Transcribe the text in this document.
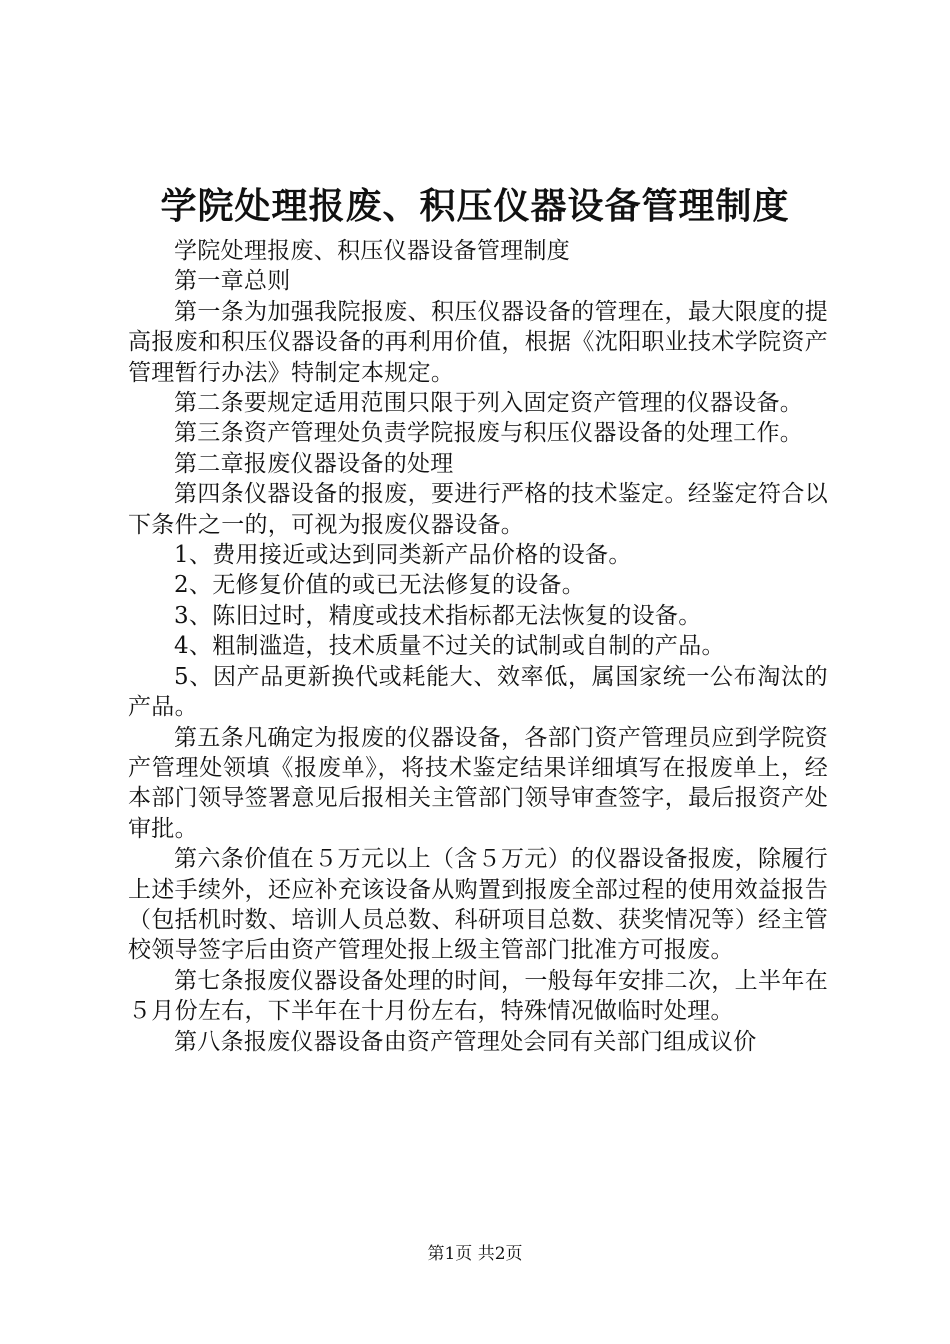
学院处理报废、积压仪器设备管理制度

学院处理报废、积压仪器设备管理制度

第一章总则

第一条为加强我院报废、积压仪器设备的管理在，最大限度的提高报废和积压仪器设备的再利用价值，根据《沈阳职业技术学院资产管理暂行办法》特制定本规定。

第二条要规定适用范围只限于列入固定资产管理的仪器设备。

第三条资产管理处负责学院报废与积压仪器设备的处理工作。

第二章报废仪器设备的处理

第四条仪器设备的报废，要进行严格的技术鉴定。经鉴定符合以下条件之一的，可视为报废仪器设备。

1、费用接近或达到同类新产品价格的设备。

2、无修复价值的或已无法修复的设备。

3、陈旧过时，精度或技术指标都无法恢复的设备。

4、粗制滥造，技术质量不过关的试制或自制的产品。

5、因产品更新换代或耗能大、效率低，属国家统一公布淘汰的产品。

第五条凡确定为报废的仪器设备，各部门资产管理员应到学院资产管理处领填《报废单》，将技术鉴定结果详细填写在报废单上，经本部门领导签署意见后报相关主管部门领导审查签字，最后报资产处审批。

第六条价值在５万元以上（含５万元）的仪器设备报废，除履行上述手续外，还应补充该设备从购置到报废全部过程的使用效益报告（包括机时数、培训人员总数、科研项目总数、获奖情况等）经主管校领导签字后由资产管理处报上级主管部门批准方可报废。

第七条报废仪器设备处理的时间，一般每年安排二次，上半年在５月份左右，下半年在十月份左右，特殊情况做临时处理。

第八条报废仪器设备由资产管理处会同有关部门组成议价

第1页 共2页
